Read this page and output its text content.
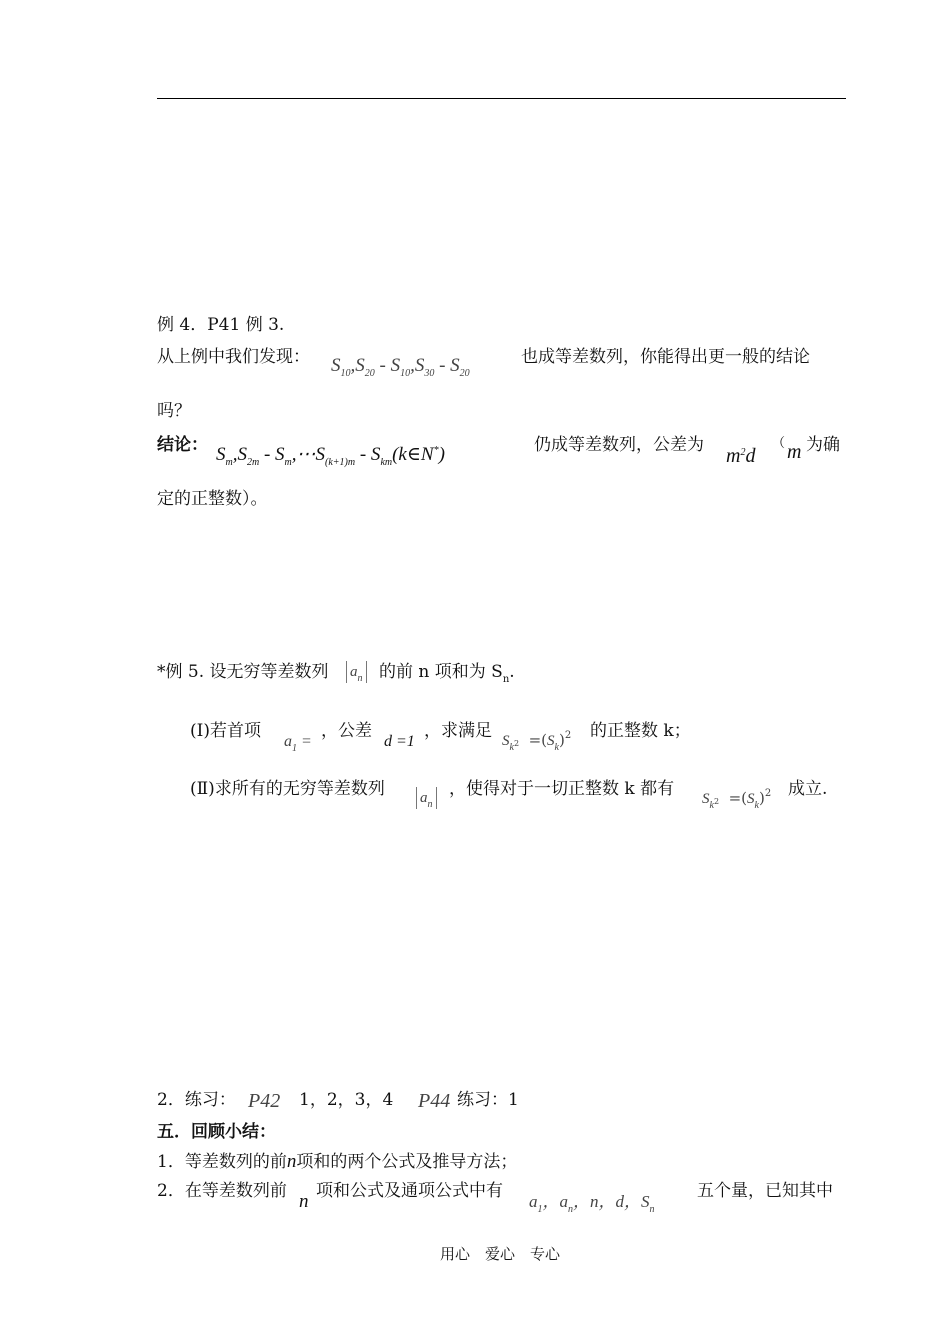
例 4．P41 例 3.
从上例中我们发现： $S_{10},S_{20} - S_{10},S_{30} - S_{20}$
也成等差数列，你能得出更一般的结论
吗？
结论： $S_m,S_{2m}$ - $S_m,\cdots S_{(k+1)m}$ - $S_{km}(k\in N^*)$	仍成等差数列，公差为 $m^2d$
（ m 为确
定的正整数）。
*例 5. 设无穷等差数列 $a_n$ 的前 n 项和为 $S_n$.
(Ⅰ)若首项
$a_1$ =
，公差
d =1
，求满足 $S_{k^2} =(S_k)^2$ 的正整数 k；
(Ⅱ)求所有的无穷等差数列 $a_n$
，使得对于一切正整数 k 都有 $S_{k^2} =(S_k)^2$ 成立.
2．练习： P42 1，2，3，4 P44 练习：1
五．回顾小结：
1．等差数列的前n项和的两个公式及推导方法；
2．在等差数列前 n 项和公式及通项公式中有
$a_1$，$a_n$，n，d，$S_n$
五个量，已知其中
用心　爱心　专心
